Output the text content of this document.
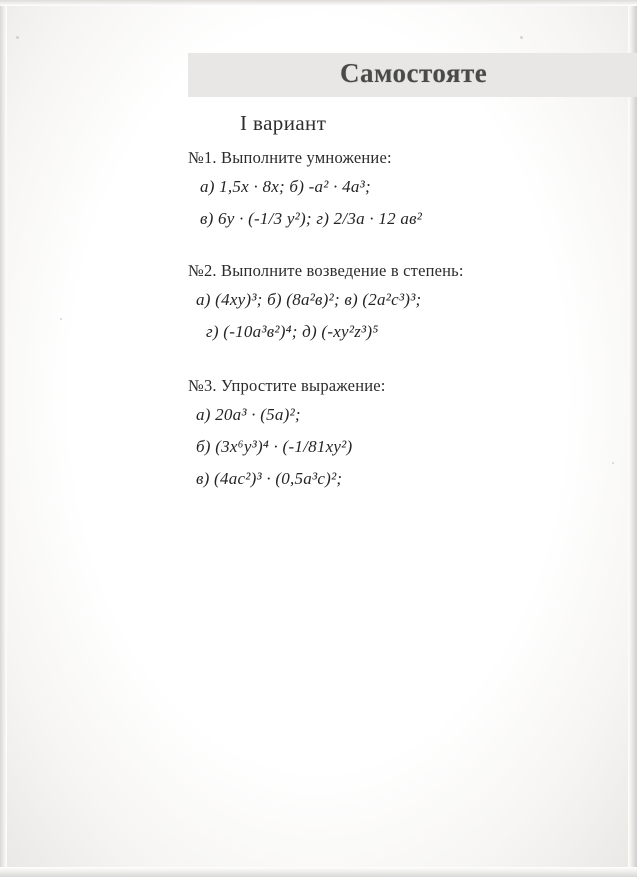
Самостояте
I вариант
№1. Выполните умножение:
а) 1,5х · 8х; б) -а² · 4а³;
в) 6у · (-1/3 у²); г) 2/3а · 12 ав²
№2. Выполните возведение в степень:
а) (4ху)³; б) (8а²в)²; в) (2а²с³)³;
г) (-10а³в²)⁴; д) (-ху²z³)⁵
№3. Упростите выражение:
а) 20а³ · (5а)²;
б) (3х⁶у³)⁴ · (-1/81ху²)
в) (4ас²)³ · (0,5а³с)²;
